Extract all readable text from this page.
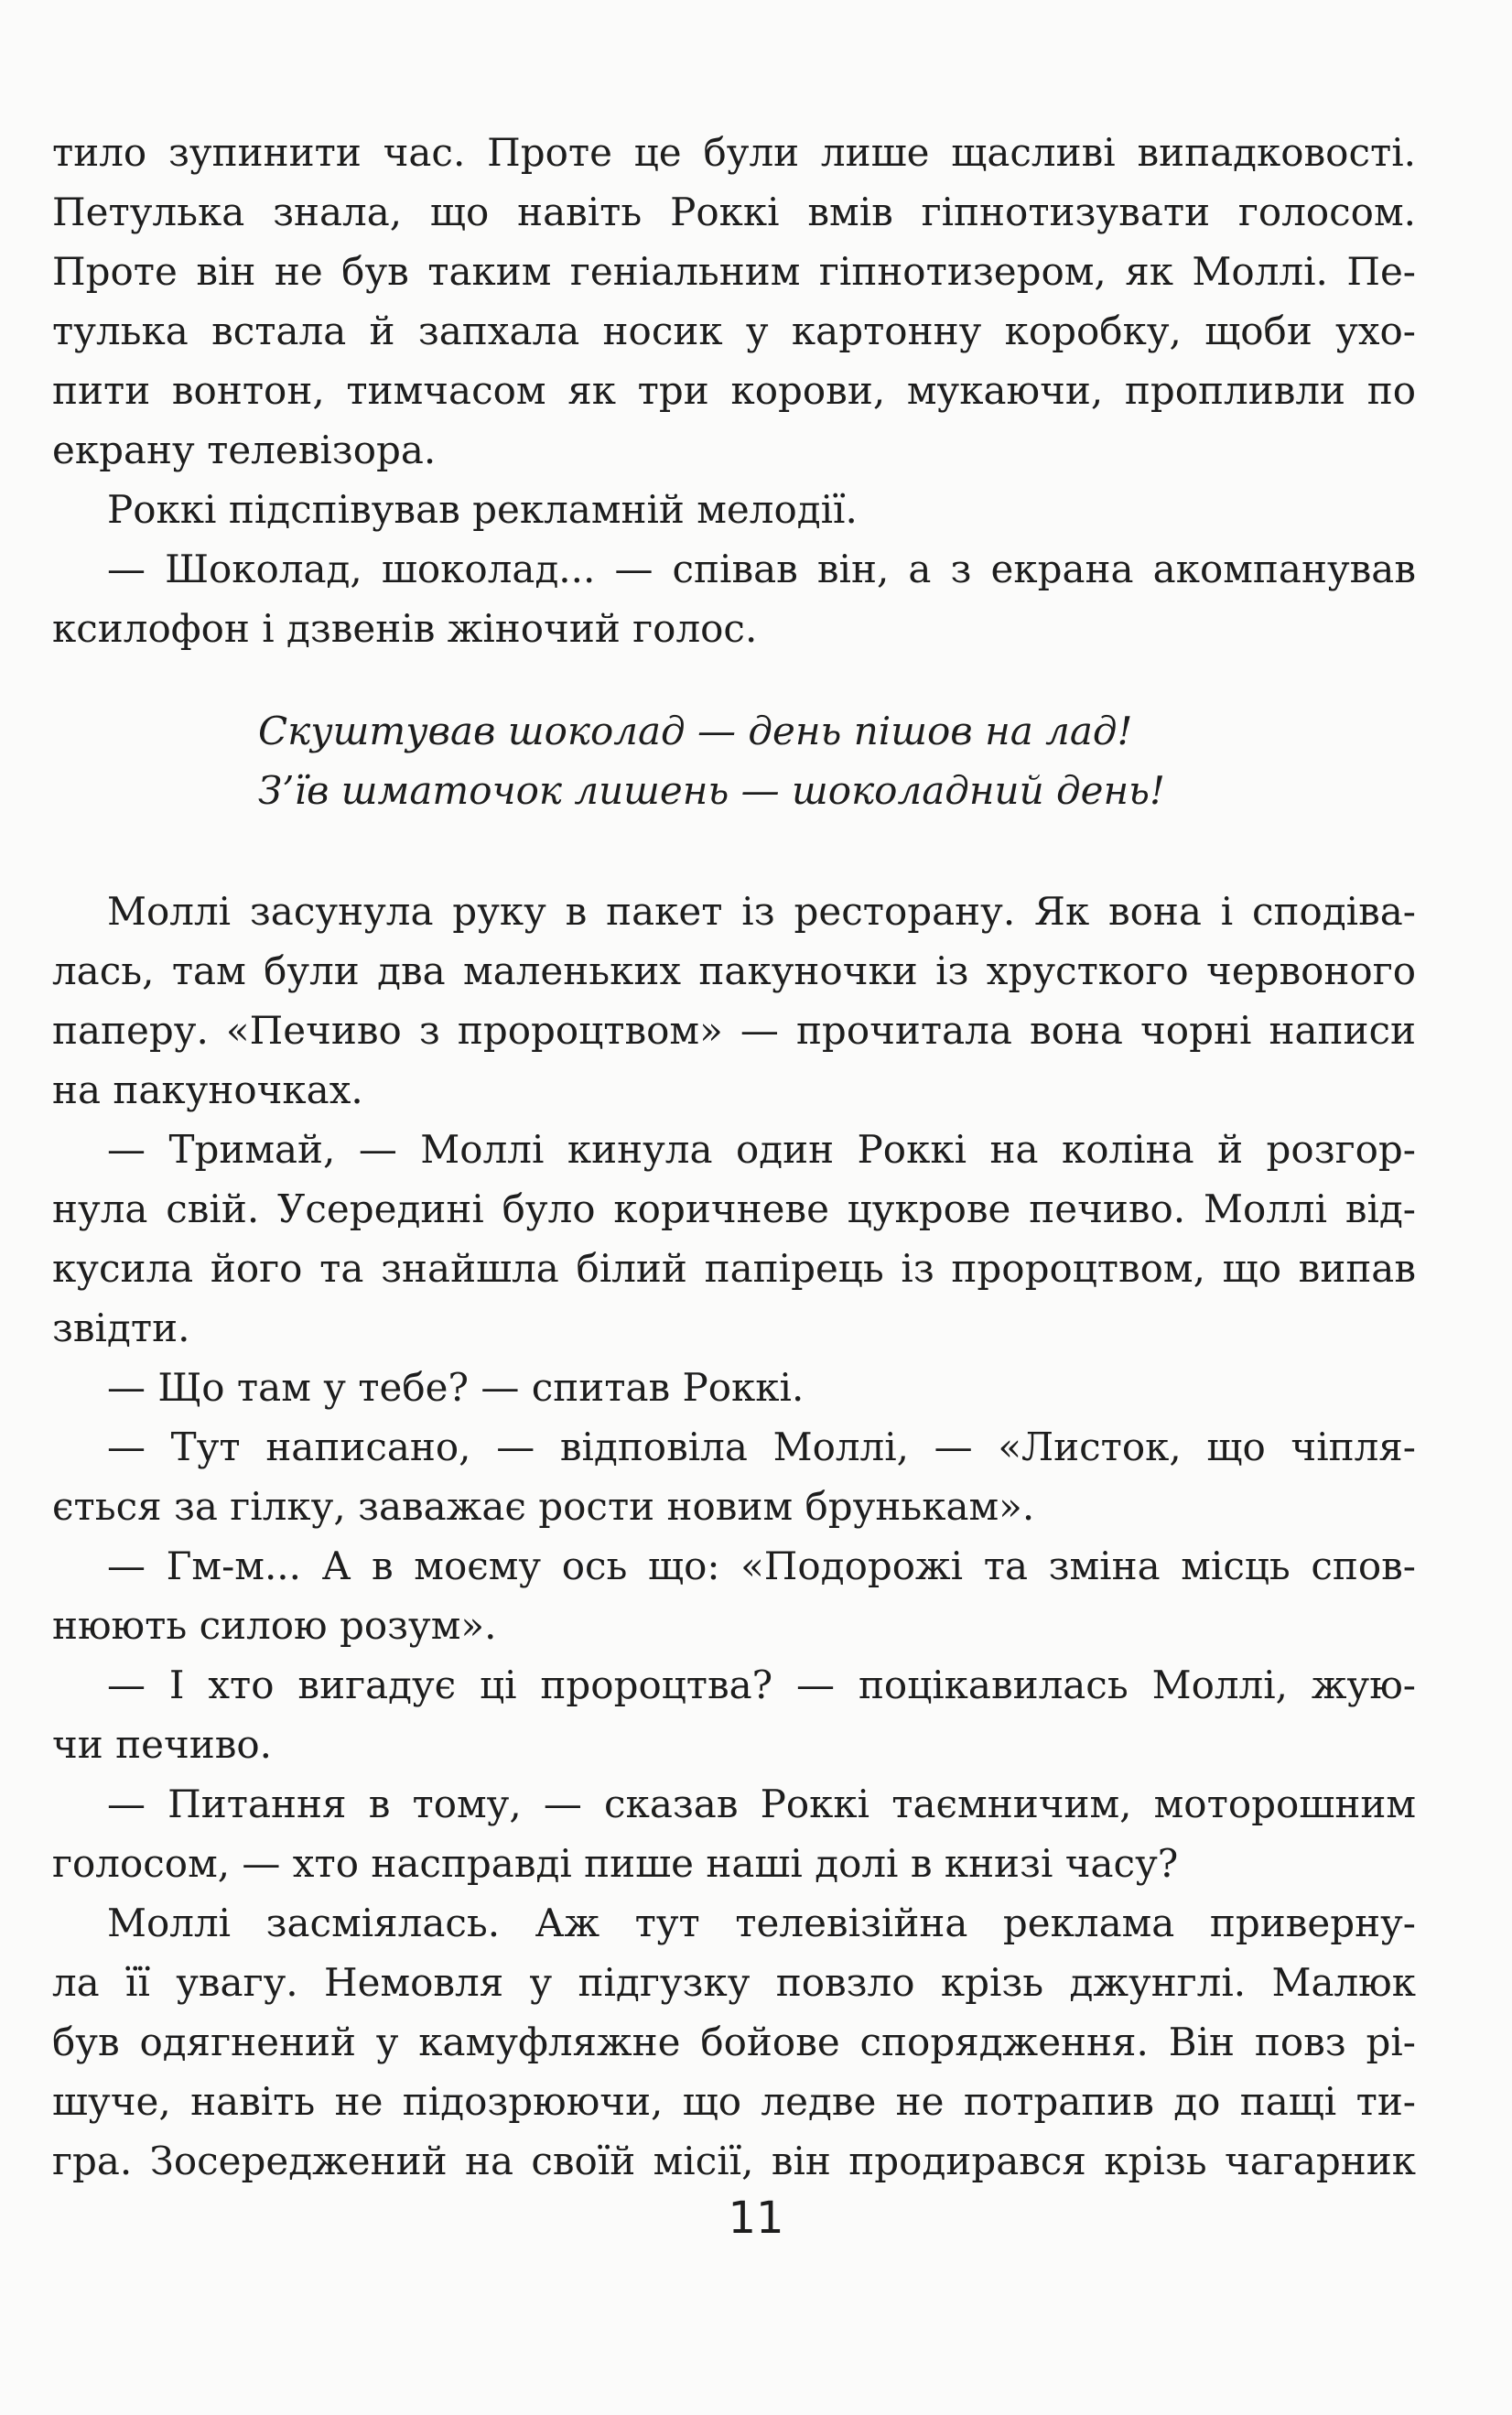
тило зупинити час. Проте це були лише щасливі випадковості.
Петулька знала, що навіть Роккі вмів гіпнотизувати голосом.
Проте він не був таким геніальним гіпнотизером, як Моллі. Пе-
тулька встала й запхала носик у картонну коробку, щоби ухо-
пити вонтон, тимчасом як три корови, мукаючи, пропливли по
екрану телевізора.
Роккі підспівував рекламній мелодії.
— Шоколад, шоколад... — співав він, а з екрана акомпанував
ксилофон і дзвенів жіночий голос.
Скуштував шоколад — день пішов на лад!
З’їв шматочок лишень — шоколадний день!
Моллі засунула руку в пакет із ресторану. Як вона і сподіва-
лась, там були два маленьких пакуночки із хрусткого червоного
паперу. «Печиво з пророцтвом» — прочитала вона чорні написи
на пакуночках.
— Тримай, — Моллі кинула один Роккі на коліна й розгор-
нула свій. Усередині було коричневе цукрове печиво. Моллі від-
кусила його та знайшла білий папірець із пророцтвом, що випав
звідти.
— Що там у тебе? — спитав Роккі.
— Тут написано, — відповіла Моллі, — «Листок, що чіпля-
ється за гілку, заважає рости новим брунькам».
— Гм-м... А в моєму ось що: «Подорожі та зміна місць спов-
нюють силою розум».
— І хто вигадує ці пророцтва? — поцікавилась Моллі, жую-
чи печиво.
— Питання в тому, — сказав Роккі таємничим, моторошним
голосом, — хто насправді пише наші долі в книзі часу?
Моллі засміялась. Аж тут телевізійна реклама приверну-
ла її увагу. Немовля у підгузку повзло крізь джунглі. Малюк
був одягнений у камуфляжне бойове спорядження. Він повз рі-
шуче, навіть не підозрюючи, що ледве не потрапив до пащі ти-
гра. Зосереджений на своїй місії, він продирався крізь чагарник
11
